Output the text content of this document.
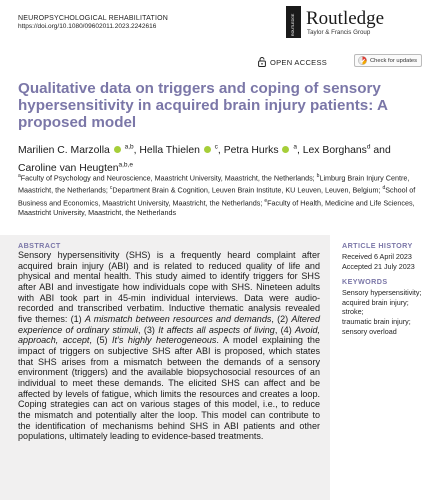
NEUROPSYCHOLOGICAL REHABILITATION
https://doi.org/10.1080/09602011.2023.2242616	ROUTLEDGE Routledge
Taylor & Francis Group
OPEN ACCESS	Check for updates
Qualitative data on triggers and coping of sensory hypersensitivity in acquired brain injury patients: A proposed model
Marilien C. Marzolla $^{a,b}$, Hella Thielen $^c$, Petra Hurks $^a$, Lex Borghans$^d$ and Caroline van Heugten$^{a,b,e}$
$^a$Faculty of Psychology and Neuroscience, Maastricht University, Maastricht, the Netherlands; $^b$Limburg Brain Injury Centre, Maastricht, the Netherlands; $^c$Department Brain & Cognition, Leuven Brain Institute, KU Leuven, Leuven, Belgium; $^d$School of Business and Economics, Maastricht University, Maastricht, the Netherlands; $^e$Faculty of Health, Medicine and Life Sciences, Maastricht University, Maastricht, the Netherlands
ABSTRACT
Sensory hypersensitivity (SHS) is a frequently heard complaint after acquired brain injury (ABI) and is related to reduced quality of life and physical and mental health. This study aimed to identify triggers for SHS after ABI and investigate how individuals cope with SHS. Nineteen adults with ABI took part in 45-min individual interviews. Data were audio-recorded and transcribed verbatim. Inductive thematic analysis revealed five themes: (1) A mismatch between resources and demands, (2) Altered experience of ordinary stimuli, (3) It affects all aspects of living, (4) Avoid, approach, accept, (5) It’s highly heterogeneous. A model explaining the impact of triggers on subjective SHS after ABI is proposed, which states that SHS arises from a mismatch between the demands of a sensory environment (triggers) and the available biopsychosocial resources of an individual to meet these demands. The elicited SHS can affect and be affected by levels of fatigue, which limits the resources and creates a loop. Coping strategies can act on various stages of this model, i.e., to reduce the mismatch and potentially alter the loop. This model can contribute to the identification of mechanisms behind SHS in ABI patients and other populations, ultimately leading to evidence-based treatments.
ARTICLE HISTORY
Received 6 April 2023
Accepted 21 July 2023
KEYWORDS
Sensory hypersensitivity;
acquired brain injury; stroke;
traumatic brain injury;
sensory overload
